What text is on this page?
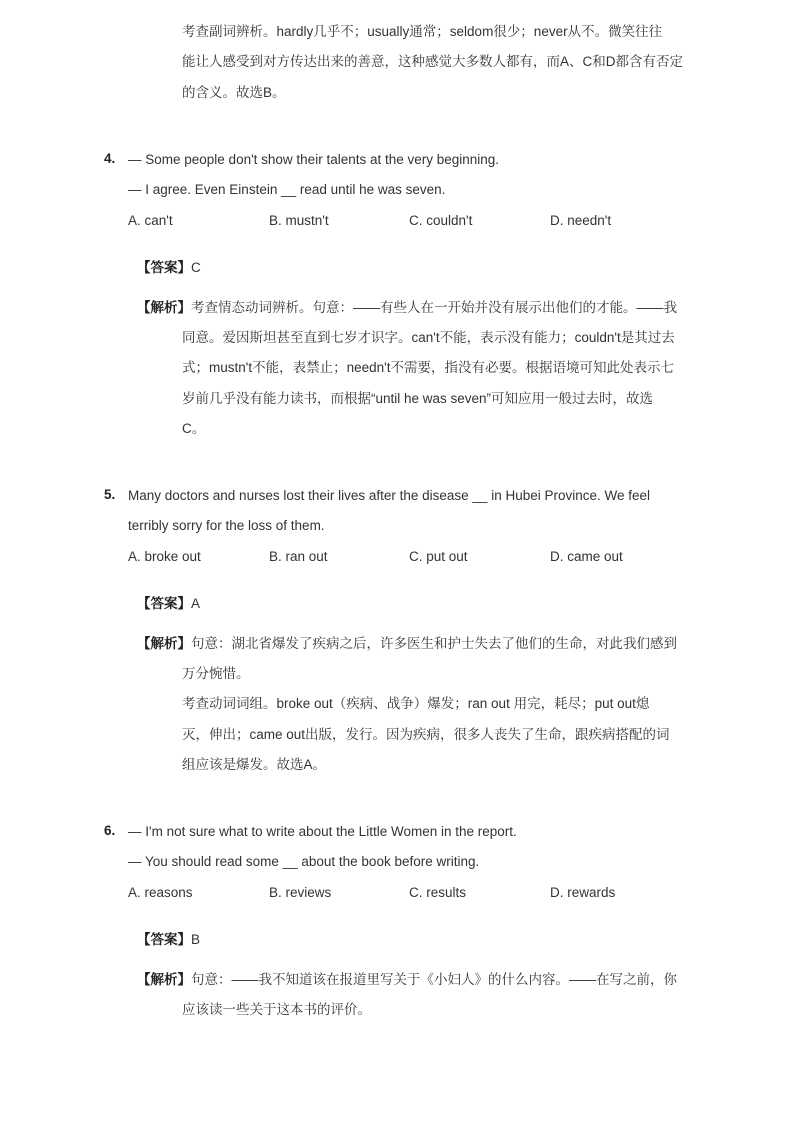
考查副词辨析。hardly几乎不；usually通常；seldom很少；never从不。微笑往往
能让人感受到对方传达出来的善意，这种感觉大多数人都有，而A、C和D都含有否定
的含义。故选B。
4. — Some people don't show their talents at the very beginning.
— I agree. Even Einstein __ read until he was seven.
A. can't	B. mustn't	C. couldn't	D. needn't
【答案】C
【解析】考查情态动词辨析。句意：——有些人在一开始并没有展示出他们的才能。——我
同意。爱因斯坦甚至直到七岁才识字。can't不能，表示没有能力；couldn't是其过去
式；mustn't不能，表禁止；needn't不需要，指没有必要。根据语境可知此处表示七
岁前几乎没有能力读书，而根据“until he was seven”可知应用一般过去时，故选
C。
5. Many doctors and nurses lost their lives after the disease __ in Hubei Province. We feel
terribly sorry for the loss of them.
A. broke out	B. ran out	C. put out	D. came out
【答案】A
【解析】句意：湖北省爆发了疾病之后，许多医生和护士失去了他们的生命，对此我们感到
万分惋惜。
考查动词词组。broke out（疾病、战争）爆发；ran out 用完，耗尽；put out熄
灭，伸出；came out出版，发行。因为疾病，很多人丧失了生命，跟疾病搭配的词
组应该是爆发。故选A。
6. — I'm not sure what to write about the Little Women in the report.
— You should read some __ about the book before writing.
A. reasons	B. reviews	C. results	D. rewards
【答案】B
【解析】句意：——我不知道该在报道里写关于《小妇人》的什么内容。——在写之前，你
应该读一些关于这本书的评价。
